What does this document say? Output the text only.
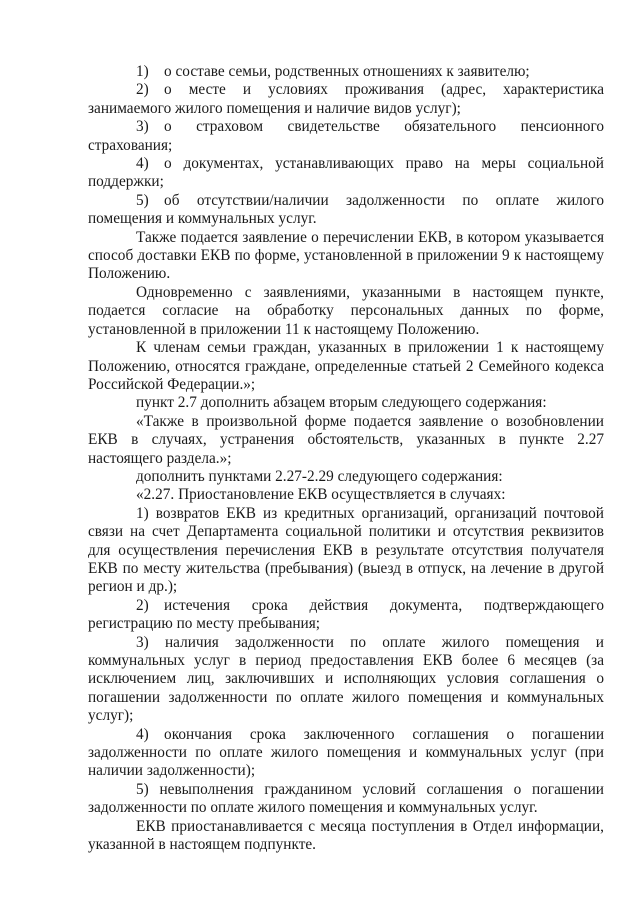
1) о составе семьи, родственных отношениях к заявителю;

2) о месте и условиях проживания (адрес, характеристика занимаемого жилого помещения и наличие видов услуг);

3) о страховом свидетельстве обязательного пенсионного страхования;

4) о документах, устанавливающих право на меры социальной поддержки;

5) об отсутствии/наличии задолженности по оплате жилого помещения и коммунальных услуг.

Также подается заявление о перечислении ЕКВ, в котором указывается способ доставки ЕКВ по форме, установленной в приложении 9 к настоящему Положению.

Одновременно с заявлениями, указанными в настоящем пункте, подается согласие на обработку персональных данных по форме, установленной в приложении 11 к настоящему Положению.

К членам семьи граждан, указанных в приложении 1 к настоящему Положению, относятся граждане, определенные статьей 2 Семейного кодекса Российской Федерации.»;

пункт 2.7 дополнить абзацем вторым следующего содержания:

«Также в произвольной форме подается заявление о возобновлении ЕКВ в случаях, устранения обстоятельств, указанных в пункте 2.27 настоящего раздела.»;

дополнить пунктами 2.27-2.29 следующего содержания:

«2.27. Приостановление ЕКВ осуществляется в случаях:

1) возвратов ЕКВ из кредитных организаций, организаций почтовой связи на счет Департамента социальной политики и отсутствия реквизитов для осуществления перечисления ЕКВ в результате отсутствия получателя ЕКВ по месту жительства (пребывания) (выезд в отпуск, на лечение в другой регион и др.);

2) истечения срока действия документа, подтверждающего регистрацию по месту пребывания;

3) наличия задолженности по оплате жилого помещения и коммунальных услуг в период предоставления ЕКВ более 6 месяцев (за исключением лиц, заключивших и исполняющих условия соглашения о погашении задолженности по оплате жилого помещения и коммунальных услуг);

4) окончания срока заключенного соглашения о погашении задолженности по оплате жилого помещения и коммунальных услуг (при наличии задолженности);

5) невыполнения гражданином условий соглашения о погашении задолженности по оплате жилого помещения и коммунальных услуг.

ЕКВ приостанавливается с месяца поступления в Отдел информации, указанной в настоящем подпункте.
